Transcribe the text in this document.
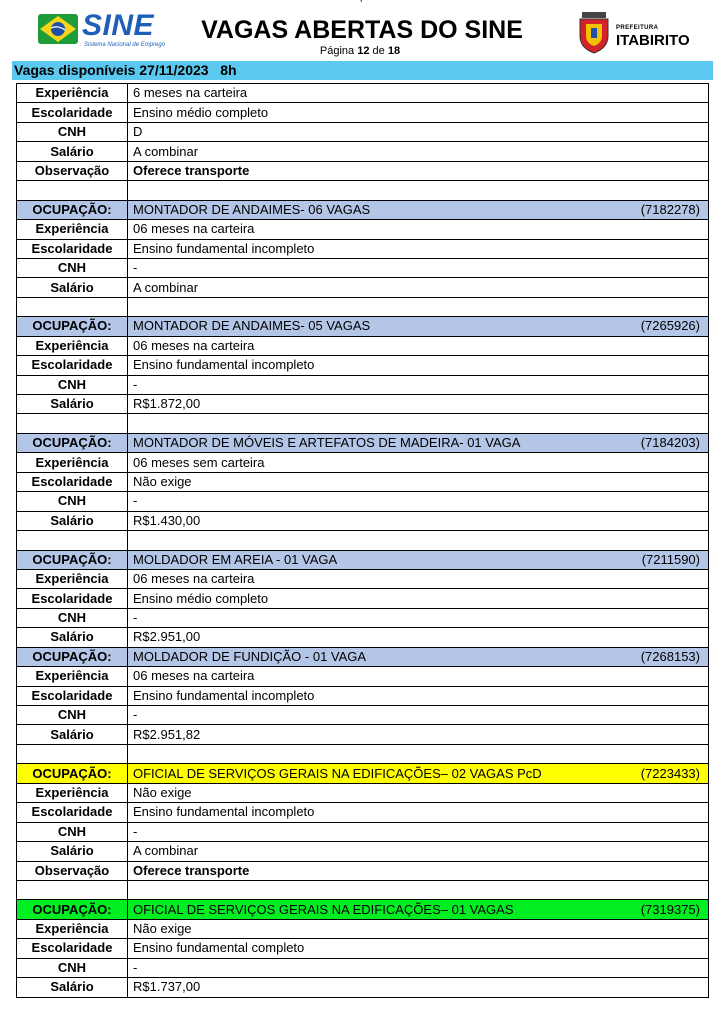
’
SINE
Sistema Nacional de Emprego
VAGAS ABERTAS DO SINE
Página 12 de 18
PREFEITURA
ITABIRITO
Vagas disponíveis 27/11/2023   8h
Experiência	6 meses na carteira
Escolaridade	Ensino médio completo
CNH	D
Salário	A combinar
Observação	Oferece transporte

OCUPAÇÃO:	MONTADOR DE ANDAIMES- 06 VAGAS (7182278)

Experiência	06 meses na carteira
Escolaridade	Ensino fundamental incompleto
CNH	-
Salário	A combinar

OCUPAÇÃO:	MONTADOR DE ANDAIMES- 05 VAGAS (7265926)

Experiência	06 meses na carteira
Escolaridade	Ensino fundamental incompleto
CNH	-
Salário	R$1.872,00

OCUPAÇÃO:	MONTADOR DE MÓVEIS E ARTEFATOS DE MADEIRA- 01 VAGA (7184203)

Experiência	06 meses sem carteira
Escolaridade	Não exige
CNH	-
Salário	R$1.430,00

OCUPAÇÃO:	MOLDADOR EM AREIA - 01 VAGA (7211590)

Experiência	06 meses na carteira
Escolaridade	Ensino médio completo
CNH	-
Salário	R$2.951,00
OCUPAÇÃO:	MOLDADOR DE FUNDIÇÃO - 01 VAGA (7268153)

Experiência	06 meses na carteira
Escolaridade	Ensino fundamental incompleto
CNH	-
Salário	R$2.951,82

OCUPAÇÃO:	OFICIAL DE SERVIÇOS GERAIS NA EDIFICAÇÕES– 02 VAGAS PcD (7223433)

Experiência	Não exige
Escolaridade	Ensino fundamental incompleto
CNH	-
Salário	A combinar
Observação	Oferece transporte

OCUPAÇÃO:	OFICIAL DE SERVIÇOS GERAIS NA EDIFICAÇÕES– 01 VAGAS (7319375)

Experiência	Não exige
Escolaridade	Ensino fundamental completo
CNH	-
Salário	R$1.737,00
